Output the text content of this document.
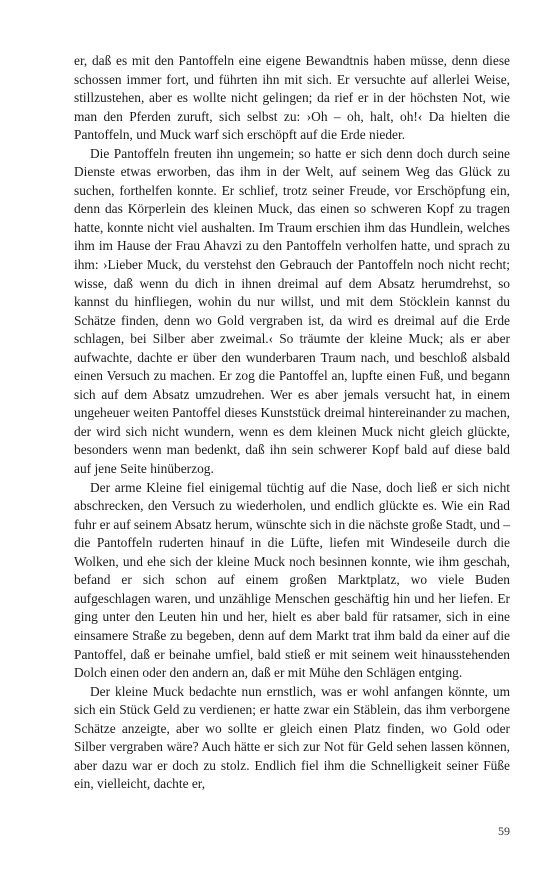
er, daß es mit den Pantoffeln eine eigene Bewandtnis haben müsse, denn diese schossen immer fort, und führten ihn mit sich. Er versuchte auf allerlei Weise, stillzustehen, aber es wollte nicht gelingen; da rief er in der höchsten Not, wie man den Pferden zuruft, sich selbst zu: ›Oh – oh, halt, oh!‹ Da hielten die Pantoffeln, und Muck warf sich erschöpft auf die Erde nieder.

Die Pantoffeln freuten ihn ungemein; so hatte er sich denn doch durch seine Dienste etwas erworben, das ihm in der Welt, auf seinem Weg das Glück zu suchen, forthelfen konnte. Er schlief, trotz seiner Freude, vor Erschöpfung ein, denn das Körperlein des kleinen Muck, das einen so schweren Kopf zu tragen hatte, konnte nicht viel aushalten. Im Traum erschien ihm das Hundlein, welches ihm im Hause der Frau Ahavzi zu den Pantoffeln verholfen hatte, und sprach zu ihm: ›Lieber Muck, du verstehst den Gebrauch der Pantoffeln noch nicht recht; wisse, daß wenn du dich in ihnen dreimal auf dem Absatz herumdrehst, so kannst du hinfliegen, wohin du nur willst, und mit dem Stöcklein kannst du Schätze finden, denn wo Gold vergraben ist, da wird es dreimal auf die Erde schlagen, bei Silber aber zweimal.‹ So träumte der kleine Muck; als er aber aufwachte, dachte er über den wunderbaren Traum nach, und beschloß alsbald einen Versuch zu machen. Er zog die Pantoffel an, lupfte einen Fuß, und begann sich auf dem Absatz umzudrehen. Wer es aber jemals versucht hat, in einem ungeheuer weiten Pantoffel dieses Kunststück dreimal hintereinander zu machen, der wird sich nicht wundern, wenn es dem kleinen Muck nicht gleich glückte, besonders wenn man bedenkt, daß ihn sein schwerer Kopf bald auf diese bald auf jene Seite hinüberzog.

Der arme Kleine fiel einigemal tüchtig auf die Nase, doch ließ er sich nicht abschrecken, den Versuch zu wiederholen, und endlich glückte es. Wie ein Rad fuhr er auf seinem Absatz herum, wünschte sich in die nächste große Stadt, und – die Pantoffeln ruderten hinauf in die Lüfte, liefen mit Windeseile durch die Wolken, und ehe sich der kleine Muck noch besinnen konnte, wie ihm geschah, befand er sich schon auf einem großen Marktplatz, wo viele Buden aufgeschlagen waren, und unzählige Menschen geschäftig hin und her liefen. Er ging unter den Leuten hin und her, hielt es aber bald für ratsamer, sich in eine einsamere Straße zu begeben, denn auf dem Markt trat ihm bald da einer auf die Pantoffel, daß er beinahe umfiel, bald stieß er mit seinem weit hinausstehenden Dolch einen oder den andern an, daß er mit Mühe den Schlägen entging.

Der kleine Muck bedachte nun ernstlich, was er wohl anfangen könnte, um sich ein Stück Geld zu verdienen; er hatte zwar ein Stäblein, das ihm verborgene Schätze anzeigte, aber wo sollte er gleich einen Platz finden, wo Gold oder Silber vergraben wäre? Auch hätte er sich zur Not für Geld sehen lassen können, aber dazu war er doch zu stolz. Endlich fiel ihm die Schnelligkeit seiner Füße ein, vielleicht, dachte er,

59
